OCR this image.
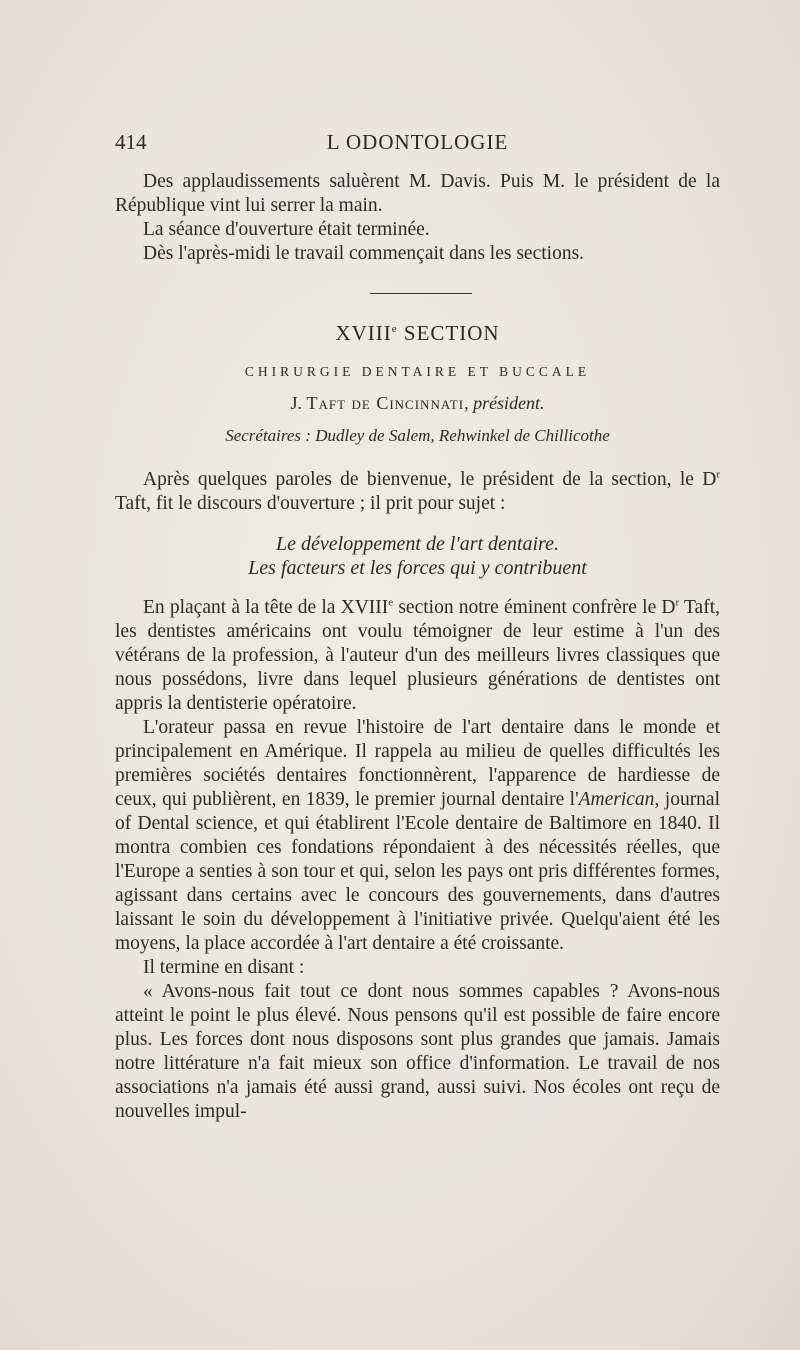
414	L ODONTOLOGIE

Des applaudissements saluèrent M. Davis. Puis M. le président de la République vint lui serrer la main.

La séance d'ouverture était terminée.

Dès l'après-midi le travail commençait dans les sections.

XVIIIe SECTION
CHIRURGIE DENTAIRE ET BUCCALE
J. Taft de Cincinnati, président.
Secrétaires : Dudley de Salem, Rehwinkel de Chillicothe

Après quelques paroles de bienvenue, le président de la section, le $D^r$ Taft, fit le discours d'ouverture ; il prit pour sujet :

Le développement de l'art dentaire.
Les facteurs et les forces qui y contribuent

En plaçant à la tête de la XVIIIe section notre éminent confrère le $D^r$ Taft, les dentistes américains ont voulu témoigner de leur estime à l'un des vétérans de la profession, à l'auteur d'un des meilleurs livres classiques que nous possédons, livre dans lequel plusieurs générations de dentistes ont appris la dentisterie opératoire.

L'orateur passa en revue l'histoire de l'art dentaire dans le monde et principalement en Amérique. Il rappela au milieu de quelles difficultés les premières sociétés dentaires fonctionnèrent, l'apparence de hardiesse de ceux, qui publièrent, en 1839, le premier journal dentaire l'American, journal of Dental science, et qui établirent l'Ecole dentaire de Baltimore en 1840. Il montra combien ces fondations répondaient à des nécessités réelles, que l'Europe a senties à son tour et qui, selon les pays ont pris différentes formes, agissant dans certains avec le concours des gouvernements, dans d'autres laissant le soin du développement à l'initiative privée. Quelqu'aient été les moyens, la place accordée à l'art dentaire a été croissante.

Il termine en disant :

« Avons-nous fait tout ce dont nous sommes capables ? Avons-nous atteint le point le plus élevé. Nous pensons qu'il est possible de faire encore plus. Les forces dont nous disposons sont plus grandes que jamais. Jamais notre littérature n'a fait mieux son office d'information. Le travail de nos associations n'a jamais été aussi grand, aussi suivi. Nos écoles ont reçu de nouvelles impul-
